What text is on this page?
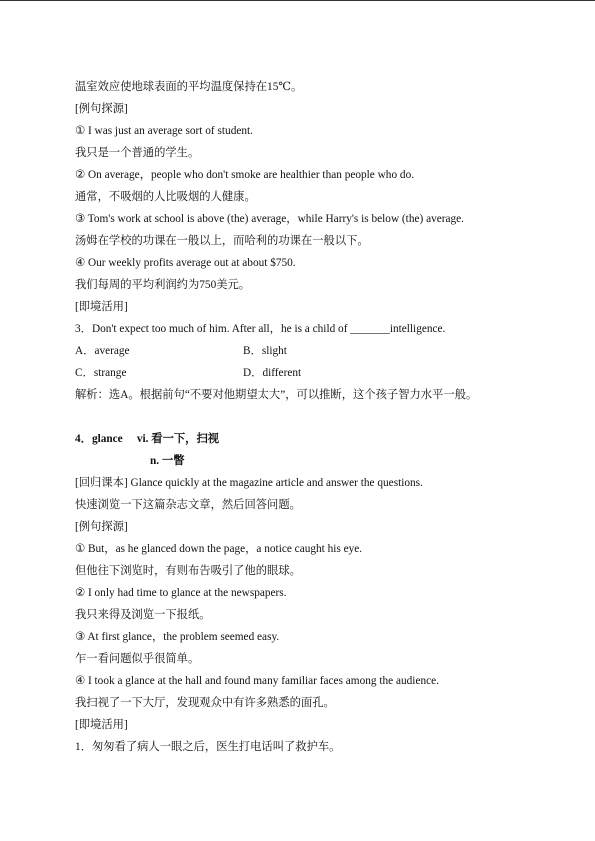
温室效应使地球表面的平均温度保持在15℃。
[例句探源]
① I was just an average sort of student.
我只是一个普通的学生。
② On average，people who don't smoke are healthier than people who do.
通常，不吸烟的人比吸烟的人健康。
③ Tom's work at school is above (the) average，while Harry's is below (the) average.
汤姆在学校的功课在一般以上，而哈利的功课在一般以下。
④ Our weekly profits average out at about $750.
我们每周的平均利润约为750美元。
[即境活用]
3．Don't expect too much of him. After all，he is a child of _______intelligence.
A．average	B．slight
C．strange	D．different
解析：选A。根据前句“不要对他期望太大”，可以推断，这个孩子智力水平一般。
4．glance vi. 看一下，扫视
n. 一瞥
[回归课本] Glance quickly at the magazine article and answer the questions.
快速浏览一下这篇杂志文章，然后回答问题。
[例句探源]
① But，as he glanced down the page，a notice caught his eye.
但他往下浏览时，有则布告吸引了他的眼球。
② I only had time to glance at the newspapers.
我只来得及浏览一下报纸。
③ At first glance，the problem seemed easy.
乍一看问题似乎很简单。
④ I took a glance at the hall and found many familiar faces among the audience.
我扫视了一下大厅，发现观众中有许多熟悉的面孔。
[即境活用]
1．匆匆看了病人一眼之后，医生打电话叫了救护车。
